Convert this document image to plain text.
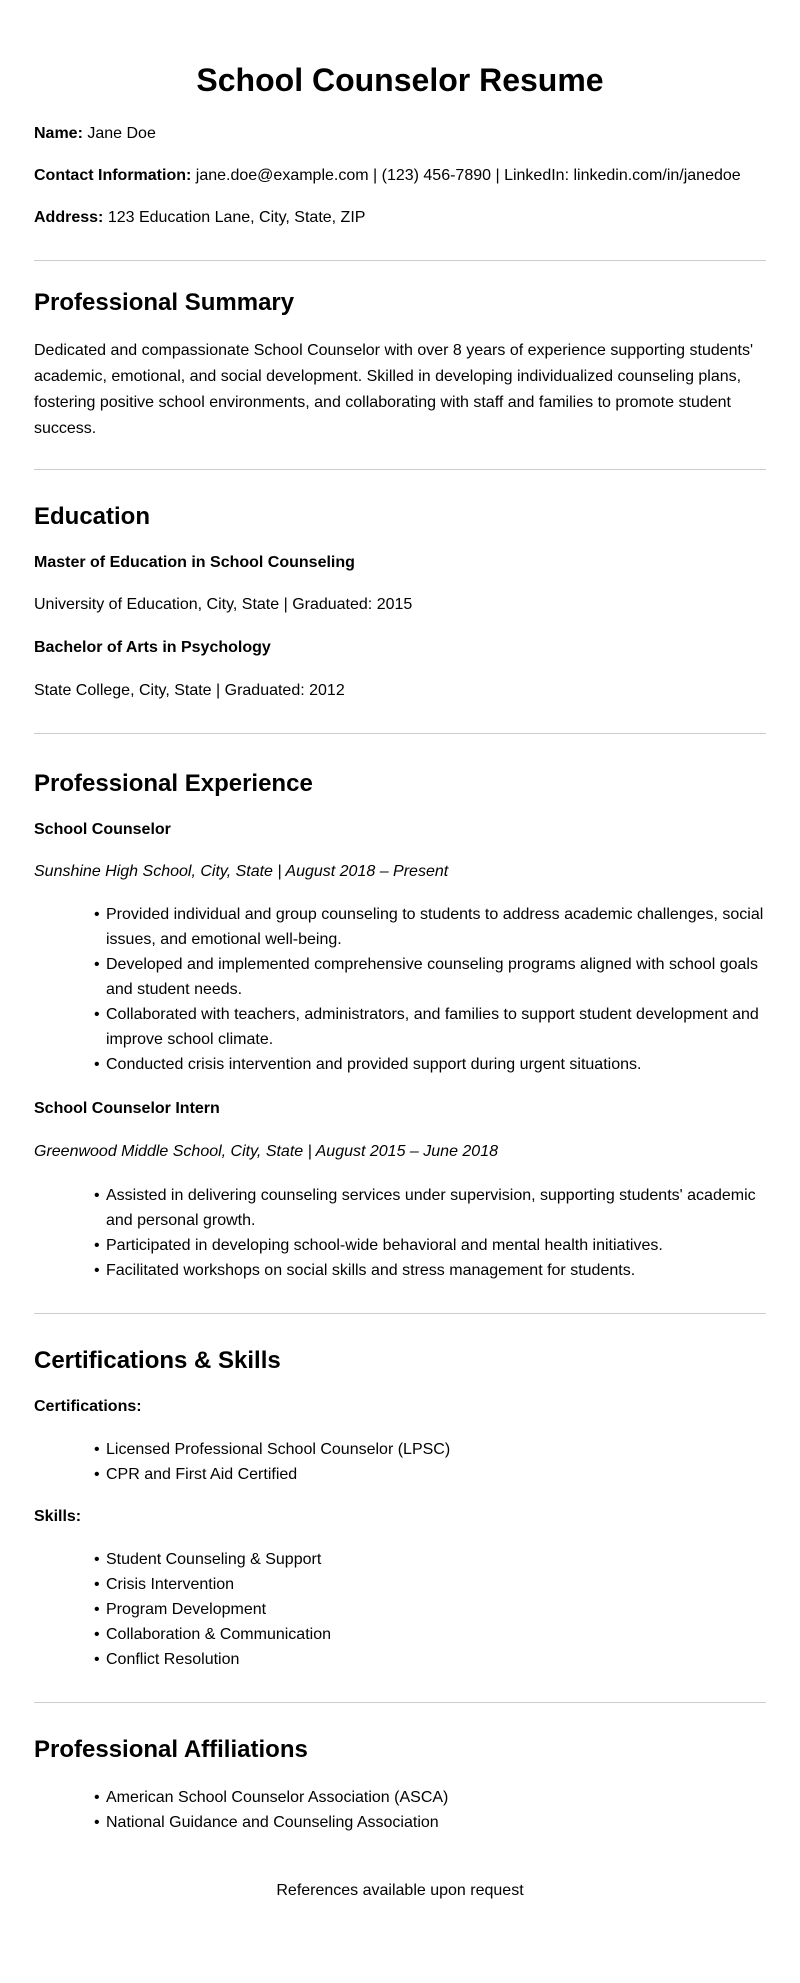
School Counselor Resume

Name: Jane Doe

Contact Information: jane.doe@example.com | (123) 456-7890 | LinkedIn: linkedin.com/in/janedoe

Address: 123 Education Lane, City, State, ZIP

Professional Summary

Dedicated and compassionate School Counselor with over 8 years of experience supporting students' academic, emotional, and social development. Skilled in developing individualized counseling plans, fostering positive school environments, and collaborating with staff and families to promote student success.

Education
Master of Education in School Counseling

University of Education, City, State | Graduated: 2015

Bachelor of Arts in Psychology

State College, City, State | Graduated: 2012

Professional Experience
School Counselor

Sunshine High School, City, State | August 2018 – Present

• Provided individual and group counseling to students to address academic challenges, social issues, and emotional well-being.
• Developed and implemented comprehensive counseling programs aligned with school goals and student needs.
• Collaborated with teachers, administrators, and families to support student development and improve school climate.
• Conducted crisis intervention and provided support during urgent situations.
School Counselor Intern

Greenwood Middle School, City, State | August 2015 – June 2018

• Assisted in delivering counseling services under supervision, supporting students' academic and personal growth.
• Participated in developing school-wide behavioral and mental health initiatives.
• Facilitated workshops on social skills and stress management for students.
Certifications & Skills
Certifications:
• Licensed Professional School Counselor (LPSC)
• CPR and First Aid Certified
Skills:
• Student Counseling & Support
• Crisis Intervention
• Program Development
• Collaboration & Communication
• Conflict Resolution
Professional Affiliations
• American School Counselor Association (ASCA)
• National Guidance and Counseling Association

References available upon request
